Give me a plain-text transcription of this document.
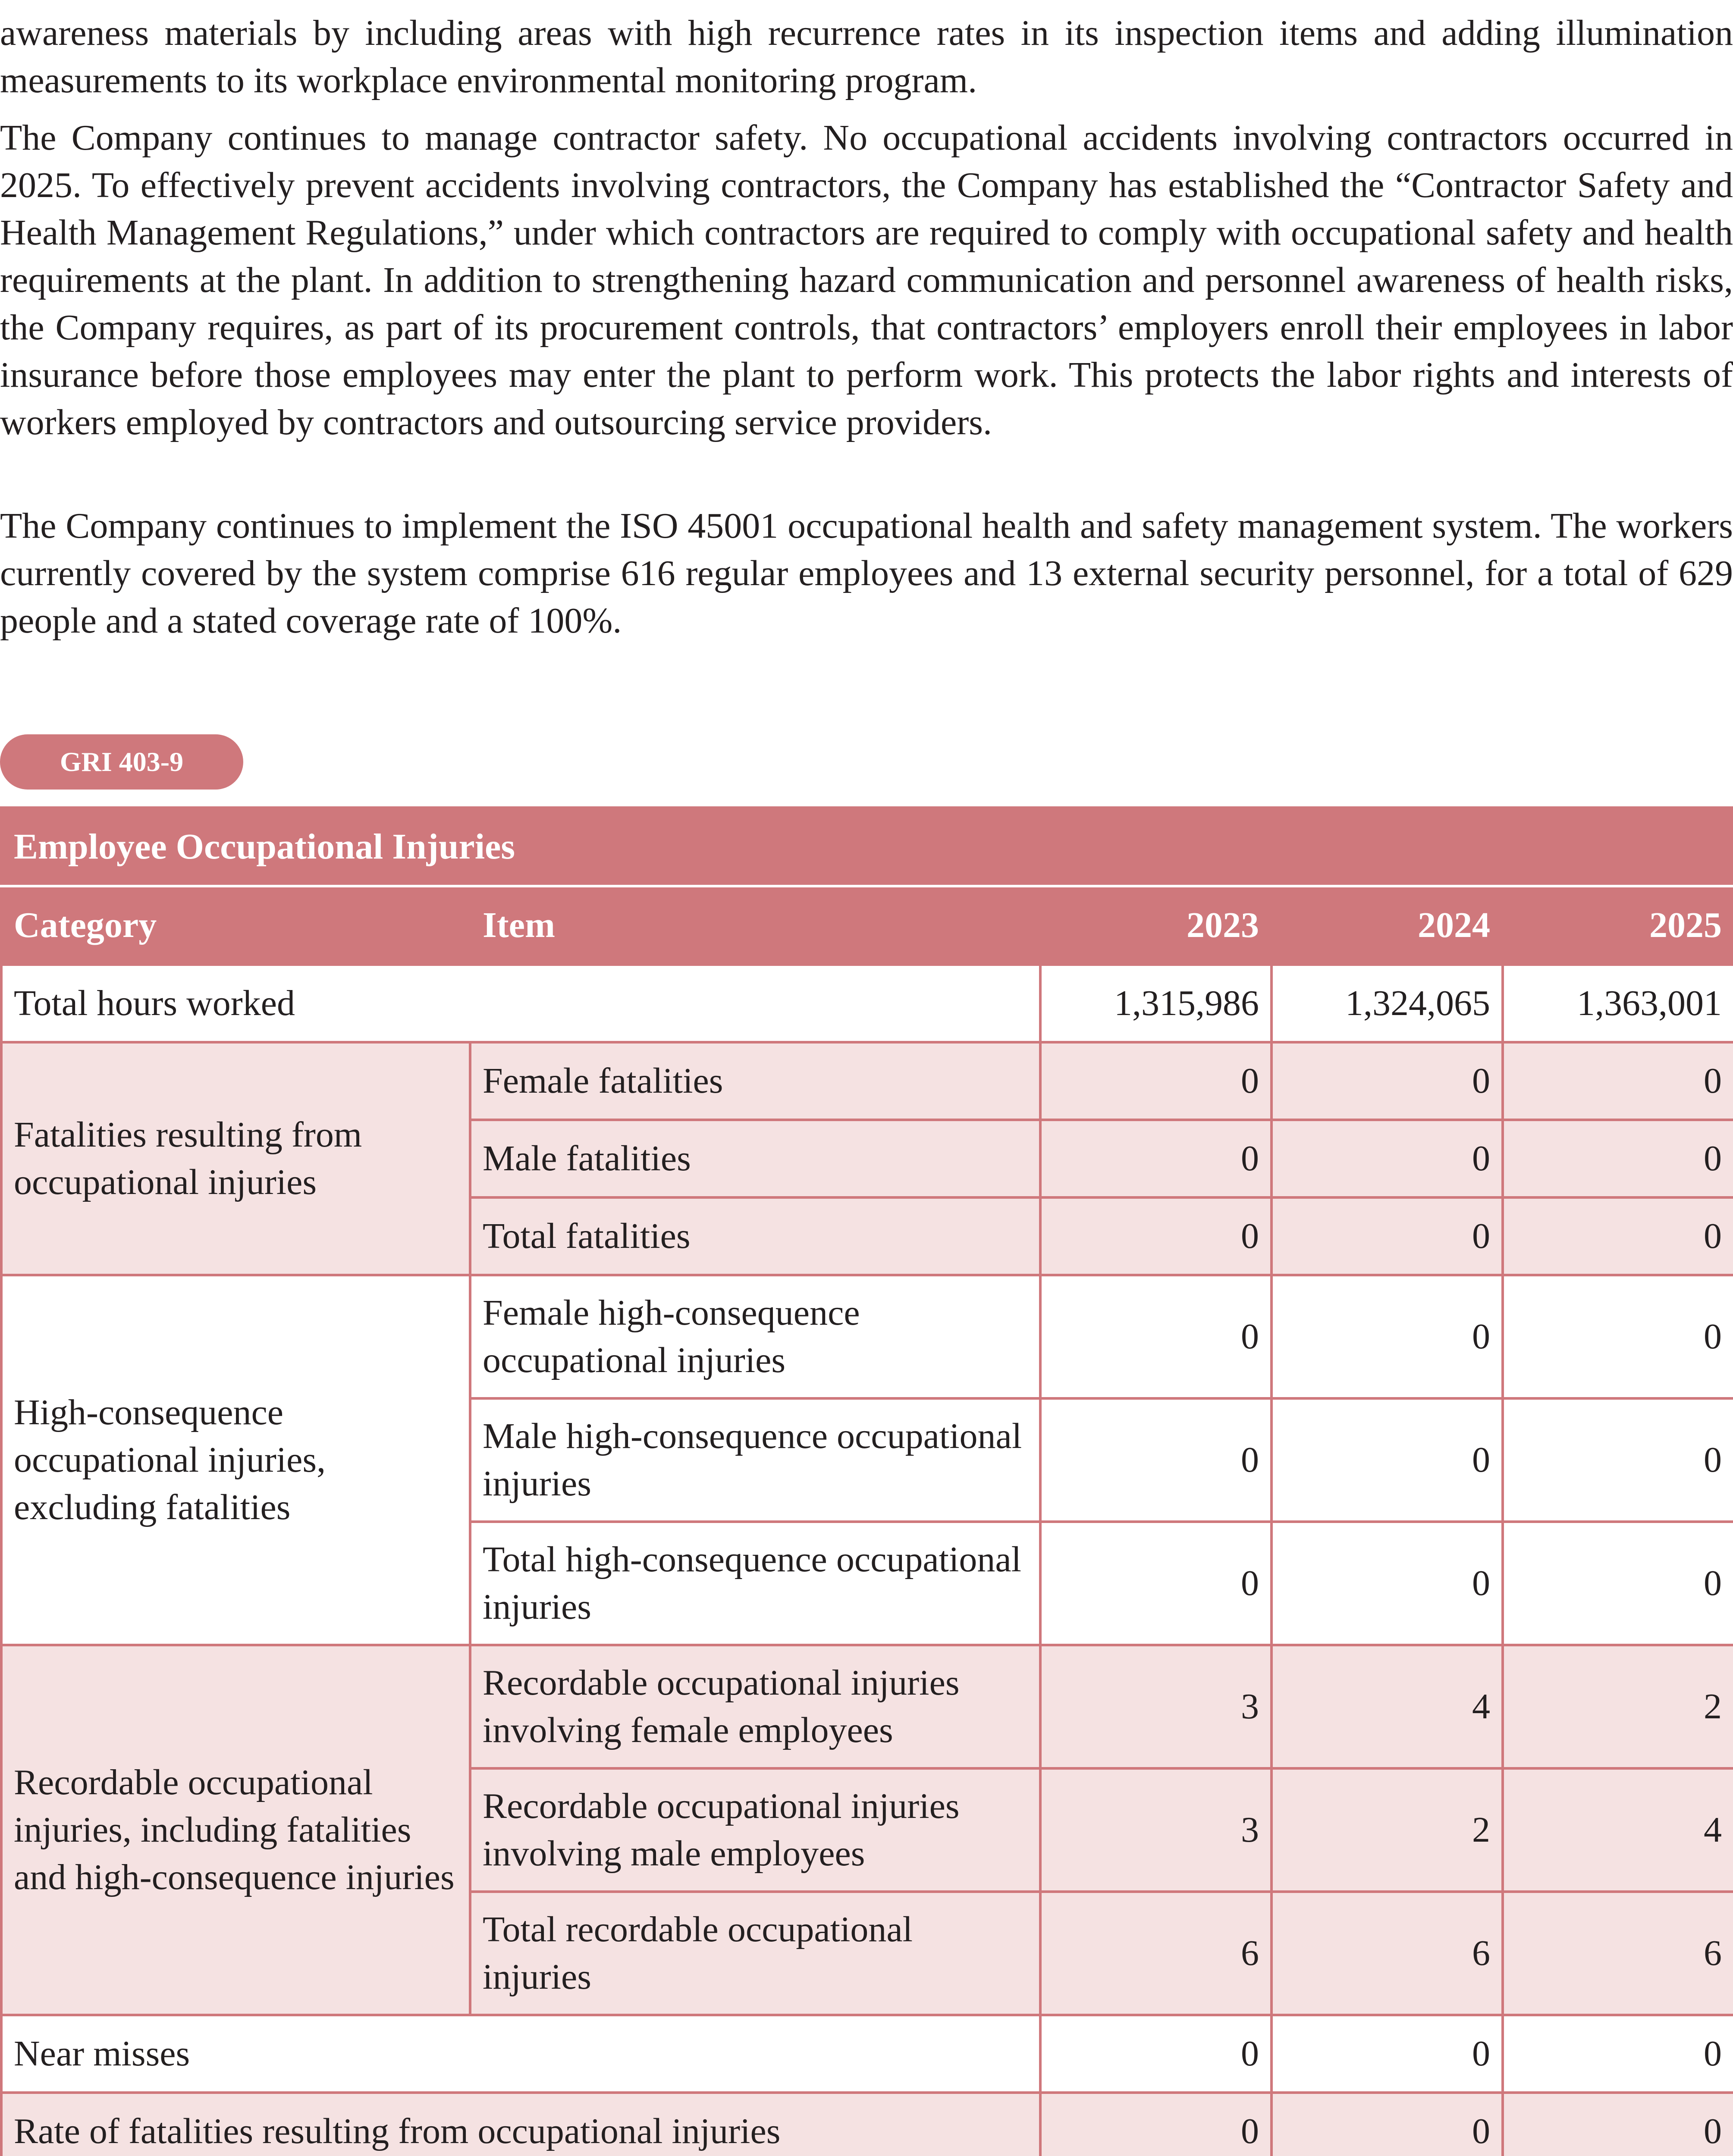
awareness materials by including areas with high recurrence rates in its inspection items and adding illumination measurements to its workplace environmental monitoring program.

The Company continues to manage contractor safety. No occupational accidents involving contractors occurred in 2025. To effectively prevent accidents involving contractors, the Company has established the “Contractor Safety and Health Management Regulations,” under which contractors are required to comply with occupational safety and health requirements at the plant. In addition to strengthening hazard communication and personnel awareness of health risks, the Company requires, as part of its procurement controls, that contractors’ employers enroll their employees in labor insurance before those employees may enter the plant to perform work. This protects the labor rights and interests of workers employed by contractors and outsourcing service providers.

The Company continues to implement the ISO 45001 occupational health and safety management system. The workers currently covered by the system comprise 616 regular employees and 13 external security personnel, for a total of 629 people and a stated coverage rate of 100%.

GRI 403-9
Employee Occupational Injuries				
Category	Item	2023	2024	2025
Total hours worked		1,315,986	1,324,065	1,363,001
Fatalities resulting from occupational injuries	Female fatalities	0	0	0
	Male fatalities	0	0	0
	Total fatalities	0	0	0
High-consequence occupational injuries, excluding fatalities	Female high-consequence occupational injuries	0	0	0
	Male high-consequence occupational injuries	0	0	0
	Total high-consequence occupational injuries	0	0	0
Recordable occupational injuries, including fatalities and high-consequence injuries	Recordable occupational injuries involving female employees	3	4	2
	Recordable occupational injuries involving male employees	3	2	4
	Total recordable occupational injuries	6	6	6
Near misses		0	0	0
Rate of fatalities resulting from occupational injuries		0	0	0
